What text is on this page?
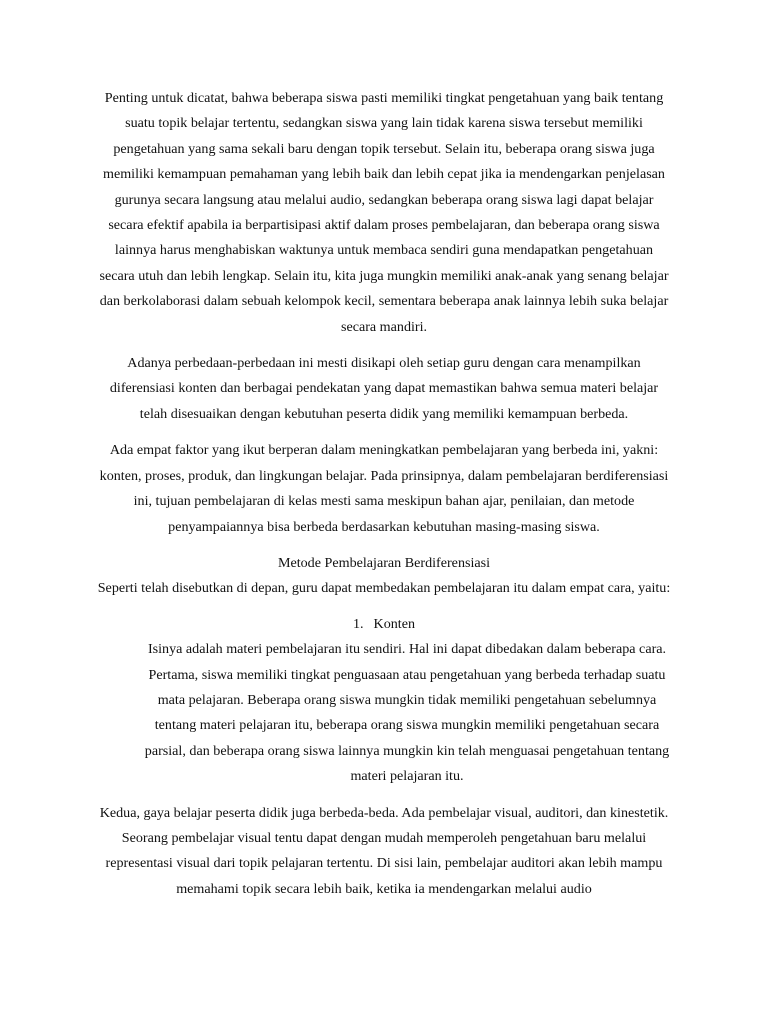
Penting untuk dicatat, bahwa beberapa siswa pasti memiliki tingkat pengetahuan yang baik tentang suatu topik belajar tertentu, sedangkan siswa yang lain tidak karena siswa tersebut memiliki pengetahuan yang sama sekali baru dengan topik tersebut. Selain itu, beberapa orang siswa juga memiliki kemampuan pemahaman yang lebih baik dan lebih cepat jika ia mendengarkan penjelasan gurunya secara langsung atau melalui audio, sedangkan beberapa orang siswa lagi dapat belajar secara efektif apabila ia berpartisipasi aktif dalam proses pembelajaran, dan beberapa orang siswa lainnya harus menghabiskan waktunya untuk membaca sendiri guna mendapatkan pengetahuan secara utuh dan lebih lengkap. Selain itu, kita juga mungkin memiliki anak-anak yang senang belajar dan berkolaborasi dalam sebuah kelompok kecil, sementara beberapa anak lainnya lebih suka belajar secara mandiri.

Adanya perbedaan-perbedaan ini mesti disikapi oleh setiap guru dengan cara menampilkan diferensiasi konten dan berbagai pendekatan yang dapat memastikan bahwa semua materi belajar telah disesuaikan dengan kebutuhan peserta didik yang memiliki kemampuan berbeda.

Ada empat faktor yang ikut berperan dalam meningkatkan pembelajaran yang berbeda ini, yakni: konten, proses, produk, dan lingkungan belajar. Pada prinsipnya, dalam pembelajaran berdiferensiasi ini, tujuan pembelajaran di kelas mesti sama meskipun bahan ajar, penilaian, dan metode penyampaiannya bisa berbeda berdasarkan kebutuhan masing-masing siswa.

Metode Pembelajaran Berdiferensiasi

Seperti telah disebutkan di depan, guru dapat membedakan pembelajaran itu dalam empat cara, yaitu:

1. Konten

Isinya adalah materi pembelajaran itu sendiri. Hal ini dapat dibedakan dalam beberapa cara. Pertama, siswa memiliki tingkat penguasaan atau pengetahuan yang berbeda terhadap suatu mata pelajaran. Beberapa orang siswa mungkin tidak memiliki pengetahuan sebelumnya tentang materi pelajaran itu, beberapa orang siswa mungkin memiliki pengetahuan secara parsial, dan beberapa orang siswa lainnya mungkin kin telah menguasai pengetahuan tentang materi pelajaran itu.

Kedua, gaya belajar peserta didik juga berbeda-beda. Ada pembelajar visual, auditori, dan kinestetik. Seorang pembelajar visual tentu dapat dengan mudah memperoleh pengetahuan baru melalui representasi visual dari topik pelajaran tertentu. Di sisi lain, pembelajar auditori akan lebih mampu memahami topik secara lebih baik, ketika ia mendengarkan melalui audio
